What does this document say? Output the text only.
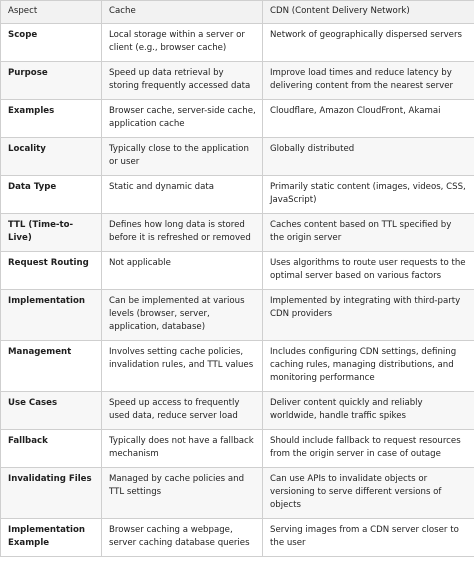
Aspect	Cache	CDN (Content Delivery Network)
Scope	Local storage within a server or client (e.g., browser cache)	Network of geographically dispersed servers
Purpose	Speed up data retrieval by storing frequently accessed data	Improve load times and reduce latency by delivering content from the nearest server
Examples	Browser cache, server-side cache, application cache	Cloudflare, Amazon CloudFront, Akamai
Locality	Typically close to the application or user	Globally distributed
Data Type	Static and dynamic data	Primarily static content (images, videos, CSS, JavaScript)
TTL (Time-to-Live)	Defines how long data is stored before it is refreshed or removed	Caches content based on TTL specified by the origin server
Request Routing	Not applicable	Uses algorithms to route user requests to the optimal server based on various factors
Implementation	Can be implemented at various levels (browser, server, application, database)	Implemented by integrating with third-party CDN providers
Management	Involves setting cache policies, invalidation rules, and TTL values	Includes configuring CDN settings, defining caching rules, managing distributions, and monitoring performance
Use Cases	Speed up access to frequently used data, reduce server load	Deliver content quickly and reliably worldwide, handle traffic spikes
Fallback	Typically does not have a fallback mechanism	Should include fallback to request resources from the origin server in case of outage
Invalidating Files	Managed by cache policies and TTL settings	Can use APIs to invalidate objects or versioning to serve different versions of objects
Implementation Example	Browser caching a webpage, server caching database queries	Serving images from a CDN server closer to the user
